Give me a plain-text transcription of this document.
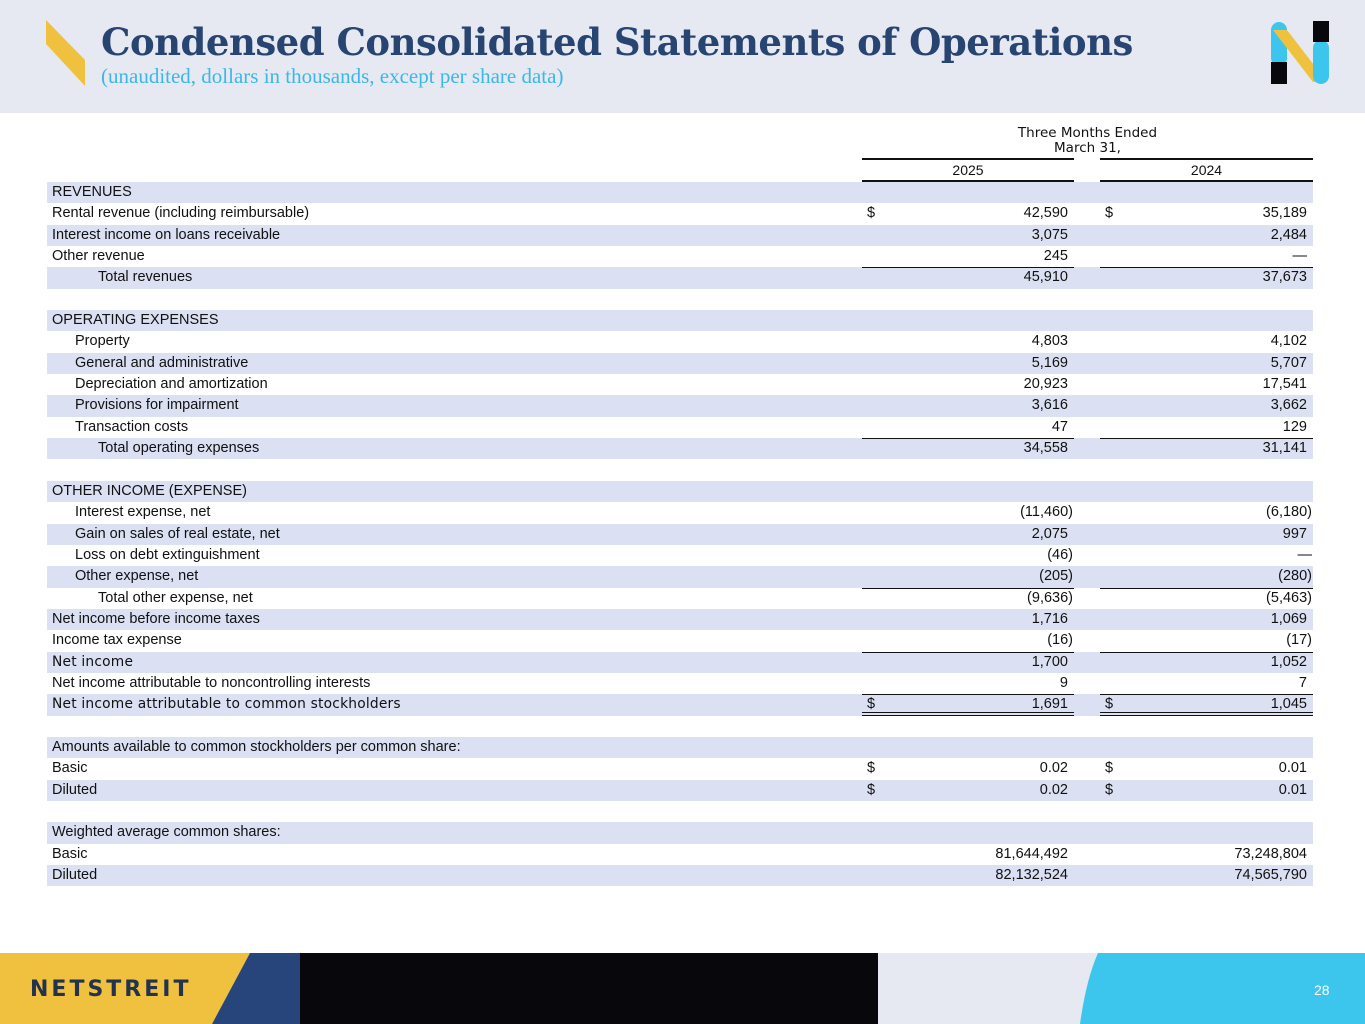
Condensed Consolidated Statements of Operations
(unaudited, dollars in thousands, except per share data)
Three Months Ended
March 31,
2025	2024
REVENUES
Rental revenue (including reimbursable)	$	42,590	$	35,189
Interest income on loans receivable	3,075	2,484
Other revenue	245	—
Total revenues	45,910	37,673
OPERATING EXPENSES
Property	4,803	4,102
General and administrative	5,169	5,707
Depreciation and amortization	20,923	17,541
Provisions for impairment	3,616	3,662
Transaction costs	47	129
Total operating expenses	34,558	31,141
OTHER INCOME (EXPENSE)
Interest expense, net	(11,460)	(6,180)
Gain on sales of real estate, net	2,075	997
Loss on debt extinguishment	(46)	—
Other expense, net	(205)	(280)
Total other expense, net	(9,636)	(5,463)
Net income before income taxes	1,716	1,069
Income tax expense	(16)	(17)
Net income	1,700	1,052
Net income attributable to noncontrolling interests	9	7
Net income attributable to common stockholders	$	1,691	$	1,045
Amounts available to common stockholders per common share:
Basic	$	0.02	$	0.01
Diluted	$	0.02	$	0.01
Weighted average common shares:
Basic	81,644,492	73,248,804
Diluted	82,132,524	74,565,790
NETSTREIT	28
